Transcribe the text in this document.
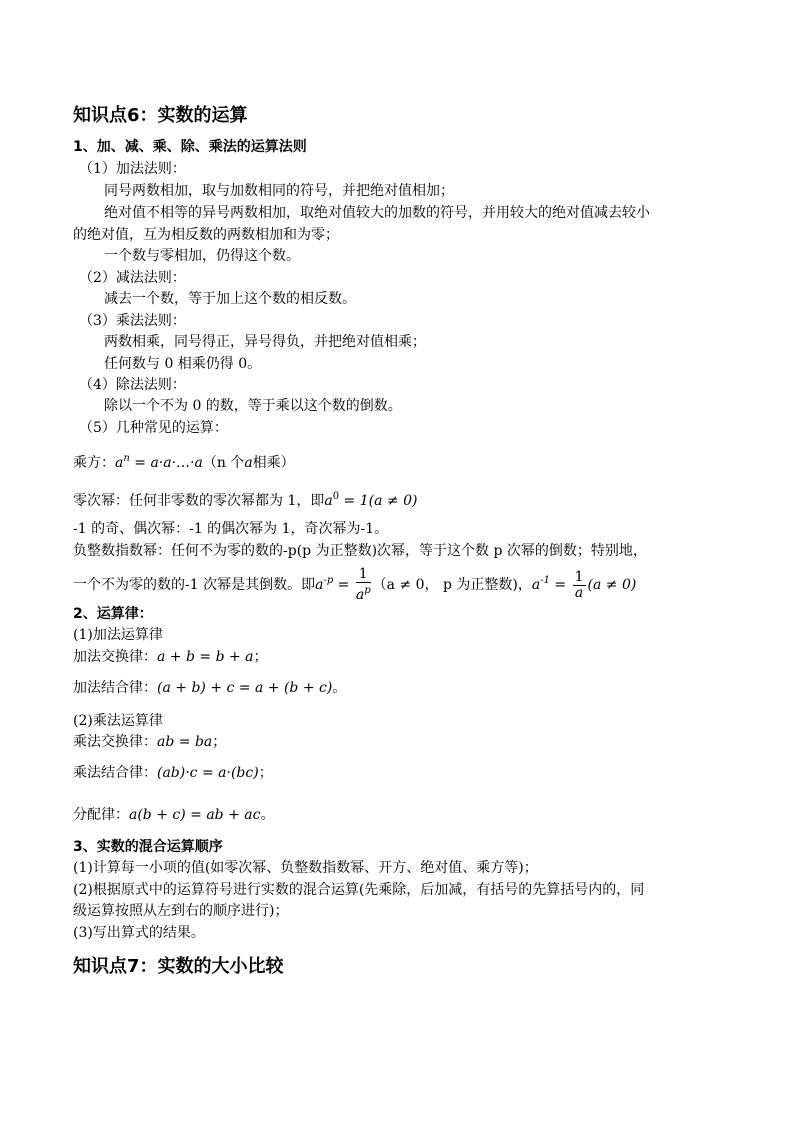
知识点6：实数的运算
1、加、减、乘、除、乘法的运算法则
（1）加法法则：
同号两数相加，取与加数相同的符号，并把绝对值相加；
绝对值不相等的异号两数相加，取绝对值较大的加数的符号，并用较大的绝对值减去较小
的绝对值，互为相反数的两数相加和为零；
一个数与零相加，仍得这个数。
（2）减法法则：
减去一个数，等于加上这个数的相反数。
（3）乘法法则：
两数相乘，同号得正，异号得负，并把绝对值相乘；
任何数与 0 相乘仍得 0。
（4）除法法则：
除以一个不为 0 的数，等于乘以这个数的倒数。
（5）几种常见的运算：
乘方：$a^n$ = a·a·…·a（n 个a相乘）
零次幂：任何非零数的零次幂都为 1，即$a^0 = 1(a \ne 0)$
-1 的奇、偶次幂：-1 的偶次幂为 1，奇次幂为-1。
负整数指数幂：任何不为零的数的-p(p 为正整数)次幂，等于这个数 p 次幂的倒数；特别地，
一个不为零的数的-1 次幂是其倒数。即$a^{-p} = \frac{1}{a^p} (a \ne 0$， p 为正整数)，$a^{-1} = \frac{1}{a} (a \ne 0)$
2、运算律：
(1)加法运算律
加法交换律：a + b = b + a；
加法结合律：(a + b) + c = a + (b + c)。
(2)乘法运算律
乘法交换律：ab = ba；
乘法结合律：(ab)·c = a·(bc)；
分配律：a(b + c) = ab + ac。
3、实数的混合运算顺序
(1)计算每一小项的值(如零次幂、负整数指数幂、开方、绝对值、乘方等)；
(2)根据原式中的运算符号进行实数的混合运算(先乘除，后加减，有括号的先算括号内的，同
级运算按照从左到右的顺序进行)；
(3)写出算式的结果。
知识点7：实数的大小比较
